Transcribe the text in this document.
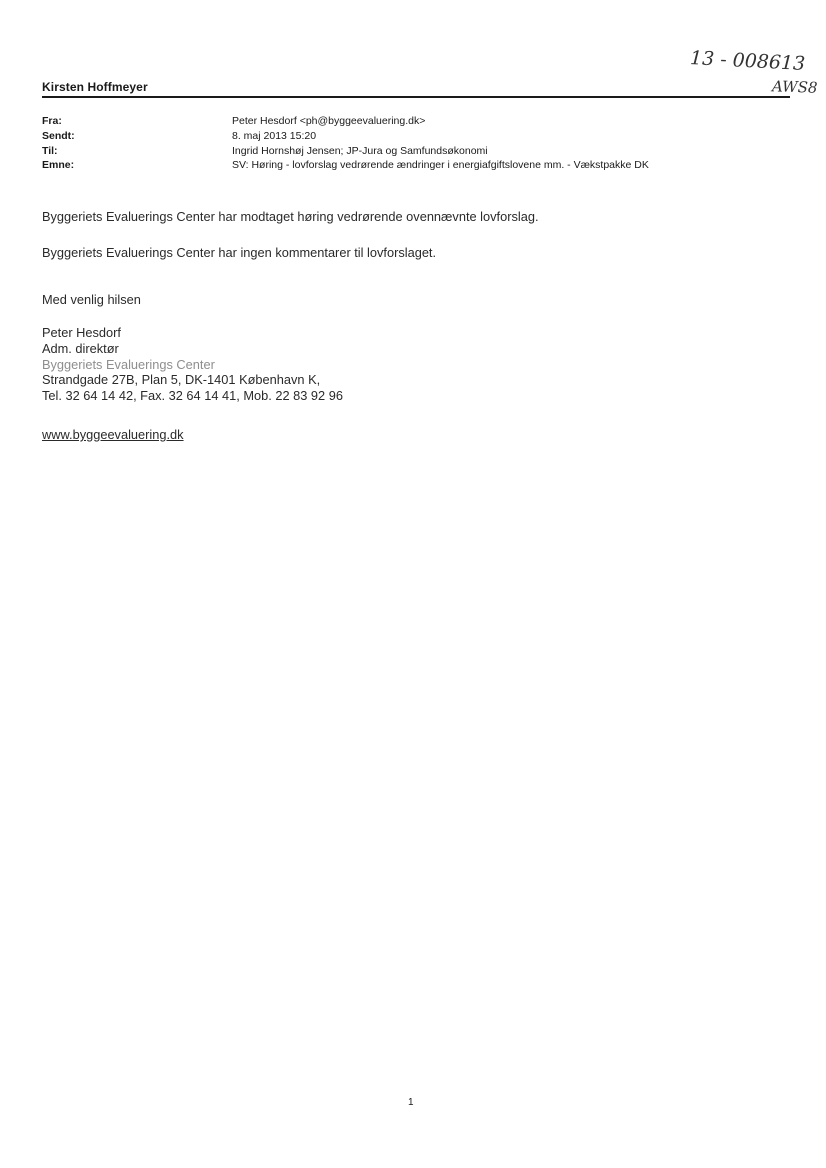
13 - 008613
AWS8
Kirsten Hoffmeyer
Fra:	Peter Hesdorf <ph@byggeevaluering.dk>
Sendt:	8. maj 2013 15:20
Til:	Ingrid Hornshøj Jensen; JP-Jura og Samfundsøkonomi
Emne:	SV: Høring - lovforslag vedrørende ændringer i energiafgiftslovene mm. - Vækstpakke DK
Byggeriets Evaluerings Center har modtaget høring vedrørende ovennævnte lovforslag.
Byggeriets Evaluerings Center har ingen kommentarer til lovforslaget.
Med venlig hilsen
Peter Hesdorf
Adm. direktør
Byggeriets Evaluerings Center
Strandgade 27B, Plan 5, DK-1401 København K,
Tel. 32 64 14 42, Fax. 32 64 14 41, Mob. 22 83 92 96
www.byggeevaluering.dk
1
